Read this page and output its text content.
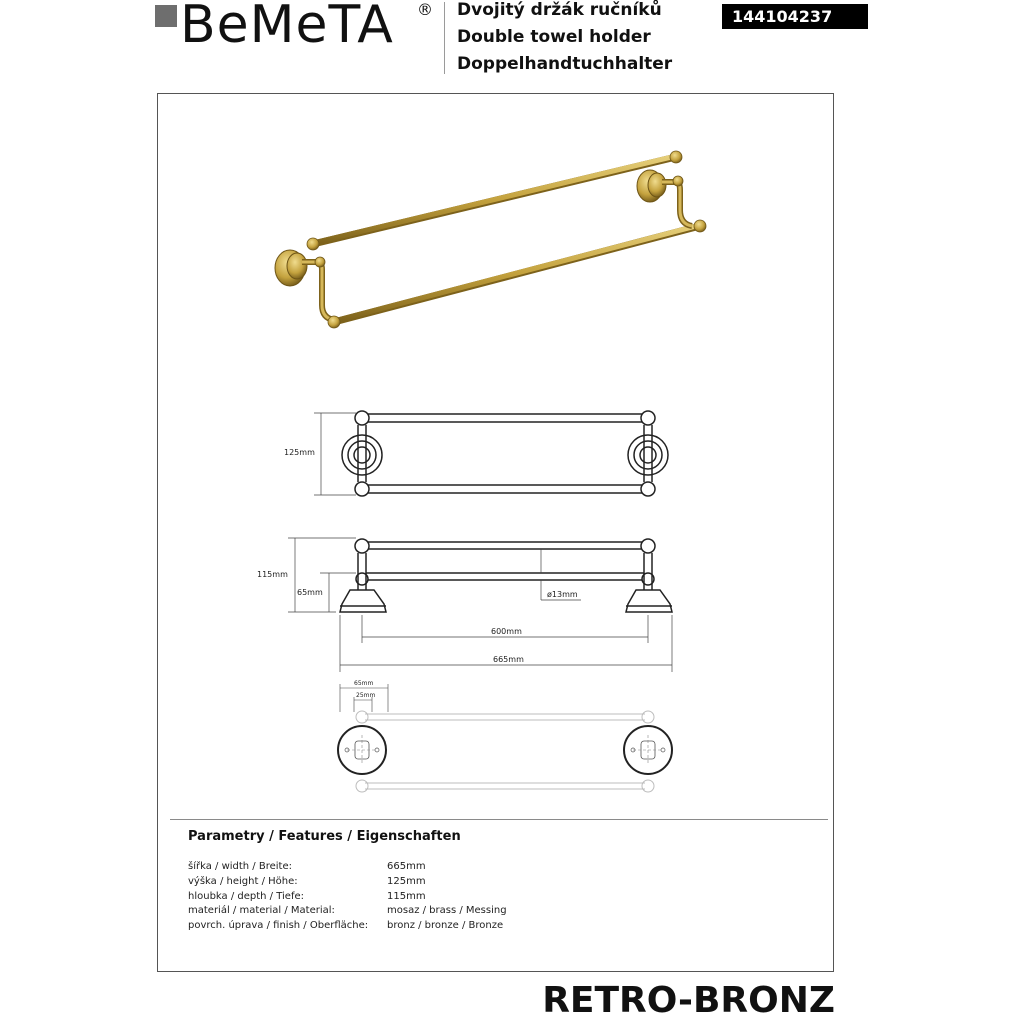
BeMeTA ® Dvojitý držák ručníků
Double towel holder
Doppelhandtuchhalter
144104237
125mm
115mm
65mm	ø13mm
600mm
665mm
65mm
25mm
Parametry / Features / Eigenschaften
šířka / width / Breite:	665mm
výška / height / Höhe:	125mm
hloubka / depth / Tiefe:	115mm
materiál / material / Material:	mosaz / brass / Messing
povrch. úprava / finish / Oberfläche: bronz / bronze / Bronze
RETRO-BRONZ
